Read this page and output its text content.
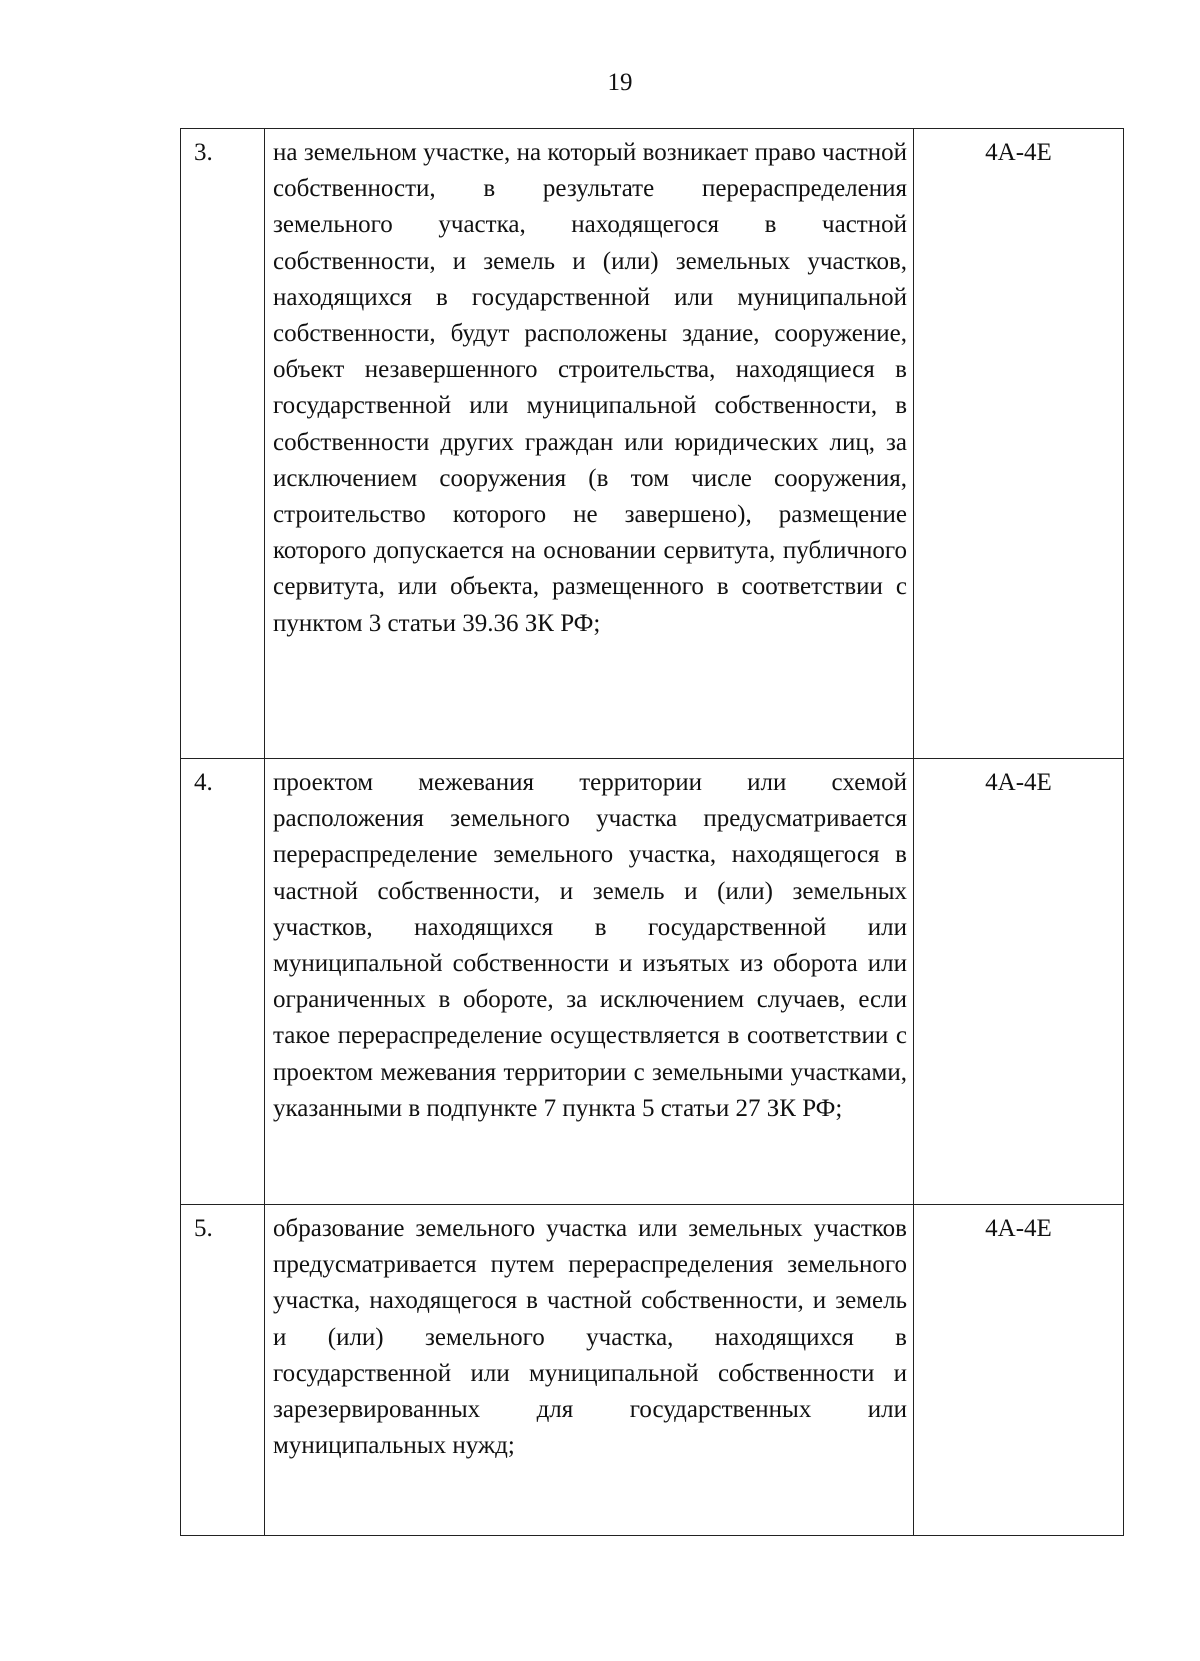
19
3.	на земельном участке, на который возникает право частной собственности, в результате перераспределения земельного участка, находящегося в частной собственности, и земель и (или) земельных участков, находящихся в государственной или муниципальной собственности, будут расположены здание, сооружение, объект незавершенного строительства, находящиеся в государственной или муниципальной собственности, в собственности других граждан или юридических лиц, за исключением сооружения (в том числе сооружения, строительство которого не завершено), размещение которого допускается на основании сервитута, публичного сервитута, или объекта, размещенного в соответствии с пунктом 3 статьи 39.36 ЗК РФ;	4А-4Е
4.	проектом межевания территории или схемой расположения земельного участка предусматривается перераспределение земельного участка, находящегося в частной собственности, и земель и (или) земельных участков, находящихся в государственной или муниципальной собственности и изъятых из оборота или ограниченных в обороте, за исключением случаев, если такое перераспределение осуществляется в соответствии с проектом межевания территории с земельными участками, указанными в подпункте 7 пункта 5 статьи 27 ЗК РФ;	4А-4Е
5.	образование земельного участка или земельных участков предусматривается путем перераспределения земельного участка, находящегося в частной собственности, и земель и (или) земельного участка, находящихся в государственной или муниципальной собственности и зарезервированных для государственных или муниципальных нужд;	4А-4Е
